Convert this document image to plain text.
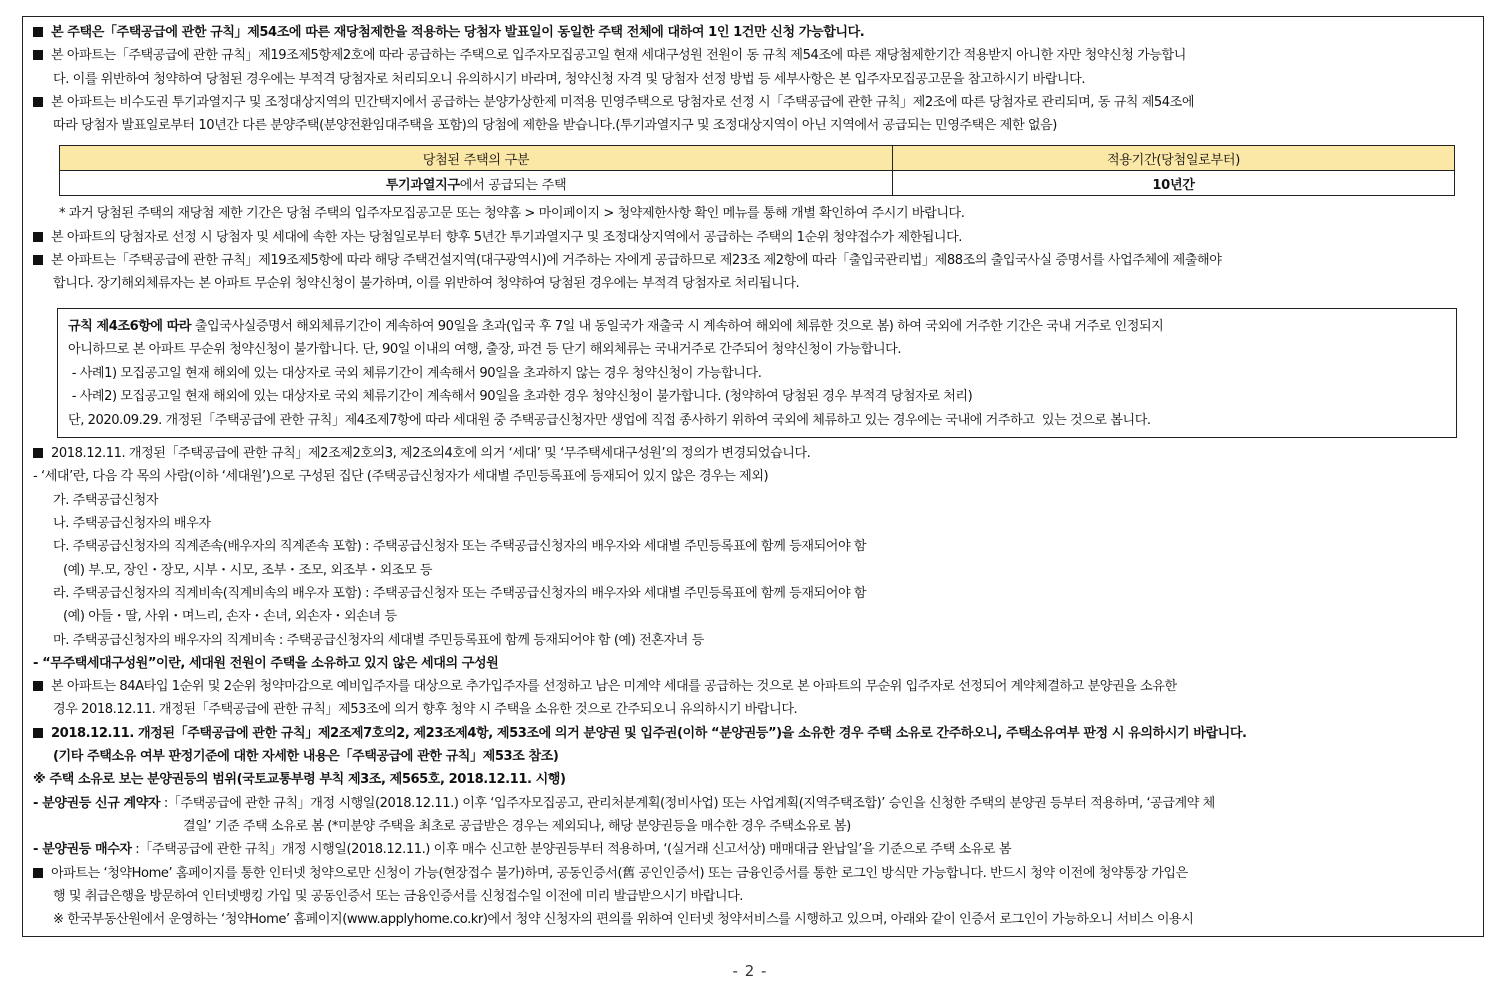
본 주택은「주택공급에 관한 규칙」제54조에 따른 재당첨제한을 적용하는 당첨자 발표일이 동일한 주택 전체에 대하여 1인 1건만 신청 가능합니다.
본 아파트는「주택공급에 관한 규칙」제19조제5항제2호에 따라 공급하는 주택으로 입주자모집공고일 현재 세대구성원 전원이 동 규칙 제54조에 따른 재당첨제한기간 적용받지 아니한 자만 청약신청 가능합니
다. 이를 위반하여 청약하여 당첨된 경우에는 부적격 당첨자로 처리되오니 유의하시기 바라며, 청약신청 자격 및 당첨자 선정 방법 등 세부사항은 본 입주자모집공고문을 참고하시기 바랍니다.
본 아파트는 비수도권 투기과열지구 및 조정대상지역의 민간택지에서 공급하는 분양가상한제 미적용 민영주택으로 당첨자로 선정 시「주택공급에 관한 규칙」제2조에 따른 당첨자로 관리되며, 동 규칙 제54조에
따라 당첨자 발표일로부터 10년간 다른 분양주택(분양전환임대주택을 포함)의 당첨에 제한을 받습니다.(투기과열지구 및 조정대상지역이 아닌 지역에서 공급되는 민영주택은 제한 없음)
당첨된 주택의 구분	적용기간(당첨일로부터)
투기과열지구에서 공급되는 주택	10년간
* 과거 당첨된 주택의 재당첨 제한 기간은 당첨 주택의 입주자모집공고문 또는 청약홈 > 마이페이지 > 청약제한사항 확인 메뉴를 통해 개별 확인하여 주시기 바랍니다.
본 아파트의 당첨자로 선정 시 당첨자 및 세대에 속한 자는 당첨일로부터 향후 5년간 투기과열지구 및 조정대상지역에서 공급하는 주택의 1순위 청약접수가 제한됩니다.
본 아파트는「주택공급에 관한 규칙」제19조제5항에 따라 해당 주택건설지역(대구광역시)에 거주하는 자에게 공급하므로 제23조 제2항에 따라「출입국관리법」제88조의 출입국사실 증명서를 사업주체에 제출해야
합니다. 장기해외체류자는 본 아파트 무순위 청약신청이 불가하며, 이를 위반하여 청약하여 당첨된 경우에는 부적격 당첨자로 처리됩니다.
규칙 제4조6항에 따라 출입국사실증명서 해외체류기간이 계속하여 90일을 초과(입국 후 7일 내 동일국가 재출국 시 계속하여 해외에 체류한 것으로 봄) 하여 국외에 거주한 기간은 국내 거주로 인정되지
아니하므로 본 아파트 무순위 청약신청이 불가합니다. 단, 90일 이내의 여행, 출장, 파견 등 단기 해외체류는 국내거주로 간주되어 청약신청이 가능합니다.
- 사례1) 모집공고일 현재 해외에 있는 대상자로 국외 체류기간이 계속해서 90일을 초과하지 않는 경우 청약신청이 가능합니다.
- 사례2) 모집공고일 현재 해외에 있는 대상자로 국외 체류기간이 계속해서 90일을 초과한 경우 청약신청이 불가합니다. (청약하여 당첨된 경우 부적격 당첨자로 처리)
단, 2020.09.29. 개정된「주택공급에 관한 규칙」제4조제7항에 따라 세대원 중 주택공급신청자만 생업에 직접 종사하기 위하여 국외에 체류하고 있는 경우에는 국내에 거주하고  있는 것으로 봅니다.
2018.12.11. 개정된「주택공급에 관한 규칙」제2조제2호의3, 제2조의4호에 의거 ‘세대’ 및 ‘무주택세대구성원’의 정의가 변경되었습니다.
- ‘세대’란, 다음 각 목의 사람(이하 ‘세대원’)으로 구성된 집단 (주택공급신청자가 세대별 주민등록표에 등재되어 있지 않은 경우는 제외)
가. 주택공급신청자
나. 주택공급신청자의 배우자
다. 주택공급신청자의 직계존속(배우자의 직계존속 포함) : 주택공급신청자 또는 주택공급신청자의 배우자와 세대별 주민등록표에 함께 등재되어야 함
(예) 부.모, 장인・장모, 시부・시모, 조부・조모, 외조부・외조모 등
라. 주택공급신청자의 직계비속(직계비속의 배우자 포함) : 주택공급신청자 또는 주택공급신청자의 배우자와 세대별 주민등록표에 함께 등재되어야 함
(예) 아들・딸, 사위・며느리, 손자・손녀, 외손자・외손녀 등
마. 주택공급신청자의 배우자의 직계비속 : 주택공급신청자의 세대별 주민등록표에 함께 등재되어야 함 (예) 전혼자녀 등
- “무주택세대구성원”이란, 세대원 전원이 주택을 소유하고 있지 않은 세대의 구성원
본 아파트는 84A타입 1순위 및 2순위 청약마감으로 예비입주자를 대상으로 추가입주자를 선정하고 남은 미계약 세대를 공급하는 것으로 본 아파트의 무순위 입주자로 선정되어 계약체결하고 분양권을 소유한
경우 2018.12.11. 개정된「주택공급에 관한 규칙」제53조에 의거 향후 청약 시 주택을 소유한 것으로 간주되오니 유의하시기 바랍니다.
2018.12.11. 개정된「주택공급에 관한 규칙」제2조제7호의2, 제23조제4항, 제53조에 의거 분양권 및 입주권(이하 “분양권등”)을 소유한 경우 주택 소유로 간주하오니, 주택소유여부 판정 시 유의하시기 바랍니다.
(기타 주택소유 여부 판정기준에 대한 자세한 내용은「주택공급에 관한 규칙」제53조 참조)
※ 주택 소유로 보는 분양권등의 범위(국토교통부령 부칙 제3조, 제565호, 2018.12.11. 시행)
- 분양권등 신규 계약자 :「주택공급에 관한 규칙」개정 시행일(2018.12.11.) 이후 ‘입주자모집공고, 관리처분계획(정비사업) 또는 사업계획(지역주택조합)’ 승인을 신청한 주택의 분양권 등부터 적용하며, ‘공급계약 체
결일’ 기준 주택 소유로 봄 (*미분양 주택을 최초로 공급받은 경우는 제외되나, 해당 분양권등을 매수한 경우 주택소유로 봄)
- 분양권등 매수자 :「주택공급에 관한 규칙」개정 시행일(2018.12.11.) 이후 매수 신고한 분양권등부터 적용하며, ‘(실거래 신고서상) 매매대금 완납일’을 기준으로 주택 소유로 봄
아파트는 ‘청약Home’ 홈페이지를 통한 인터넷 청약으로만 신청이 가능(현장접수 불가)하며, 공동인증서(舊 공인인증서) 또는 금융인증서를 통한 로그인 방식만 가능합니다. 반드시 청약 이전에 청약통장 가입은
행 및 취급은행을 방문하여 인터넷뱅킹 가입 및 공동인증서 또는 금융인증서를 신청접수일 이전에 미리 발급받으시기 바랍니다.
※ 한국부동산원에서 운영하는 ‘청약Home’ 홈페이지(www.applyhome.co.kr)에서 청약 신청자의 편의를 위하여 인터넷 청약서비스를 시행하고 있으며, 아래와 같이 인증서 로그인이 가능하오니 서비스 이용시
- 2 -
